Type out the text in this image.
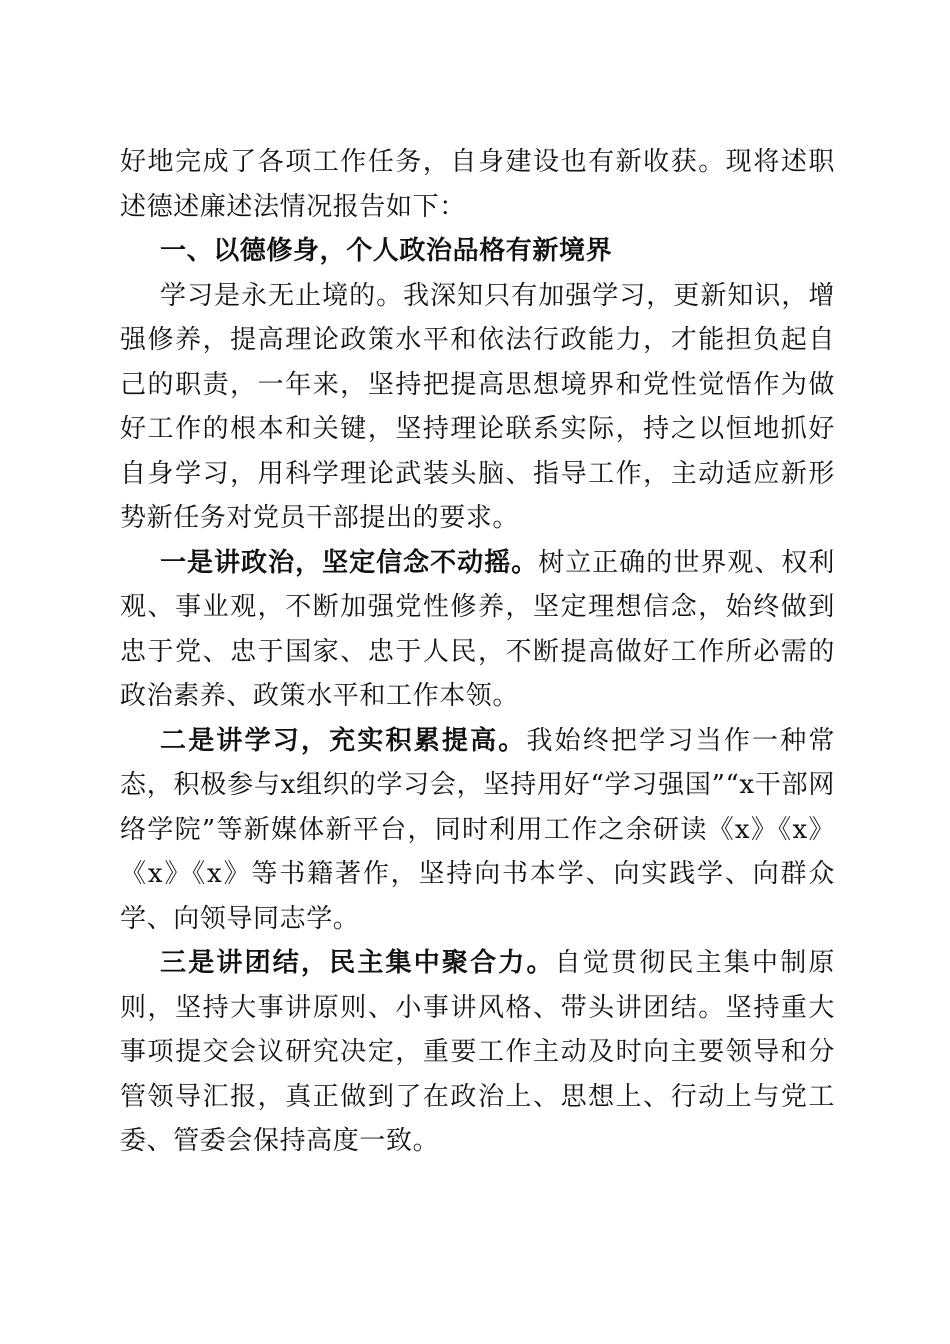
好地完成了各项工作任务，自身建设也有新收获。现将述职述德述廉述法情况报告如下：

一、以德修身，个人政治品格有新境界

学习是永无止境的。我深知只有加强学习，更新知识，增强修养，提高理论政策水平和依法行政能力，才能担负起自己的职责，一年来，坚持把提高思想境界和党性觉悟作为做好工作的根本和关键，坚持理论联系实际，持之以恒地抓好自身学习，用科学理论武装头脑、指导工作，主动适应新形势新任务对党员干部提出的要求。

一是讲政治，坚定信念不动摇。树立正确的世界观、权利观、事业观，不断加强党性修养，坚定理想信念，始终做到忠于党、忠于国家、忠于人民，不断提高做好工作所必需的政治素养、政策水平和工作本领。

二是讲学习，充实积累提高。我始终把学习当作一种常态，积极参与x组织的学习会，坚持用好“学习强国”“x干部网络学院”等新媒体新平台，同时利用工作之余研读《x》《x》《x》《x》等书籍著作，坚持向书本学、向实践学、向群众学、向领导同志学。

三是讲团结，民主集中聚合力。自觉贯彻民主集中制原则，坚持大事讲原则、小事讲风格、带头讲团结。坚持重大事项提交会议研究决定，重要工作主动及时向主要领导和分管领导汇报，真正做到了在政治上、思想上、行动上与党工委、管委会保持高度一致。
